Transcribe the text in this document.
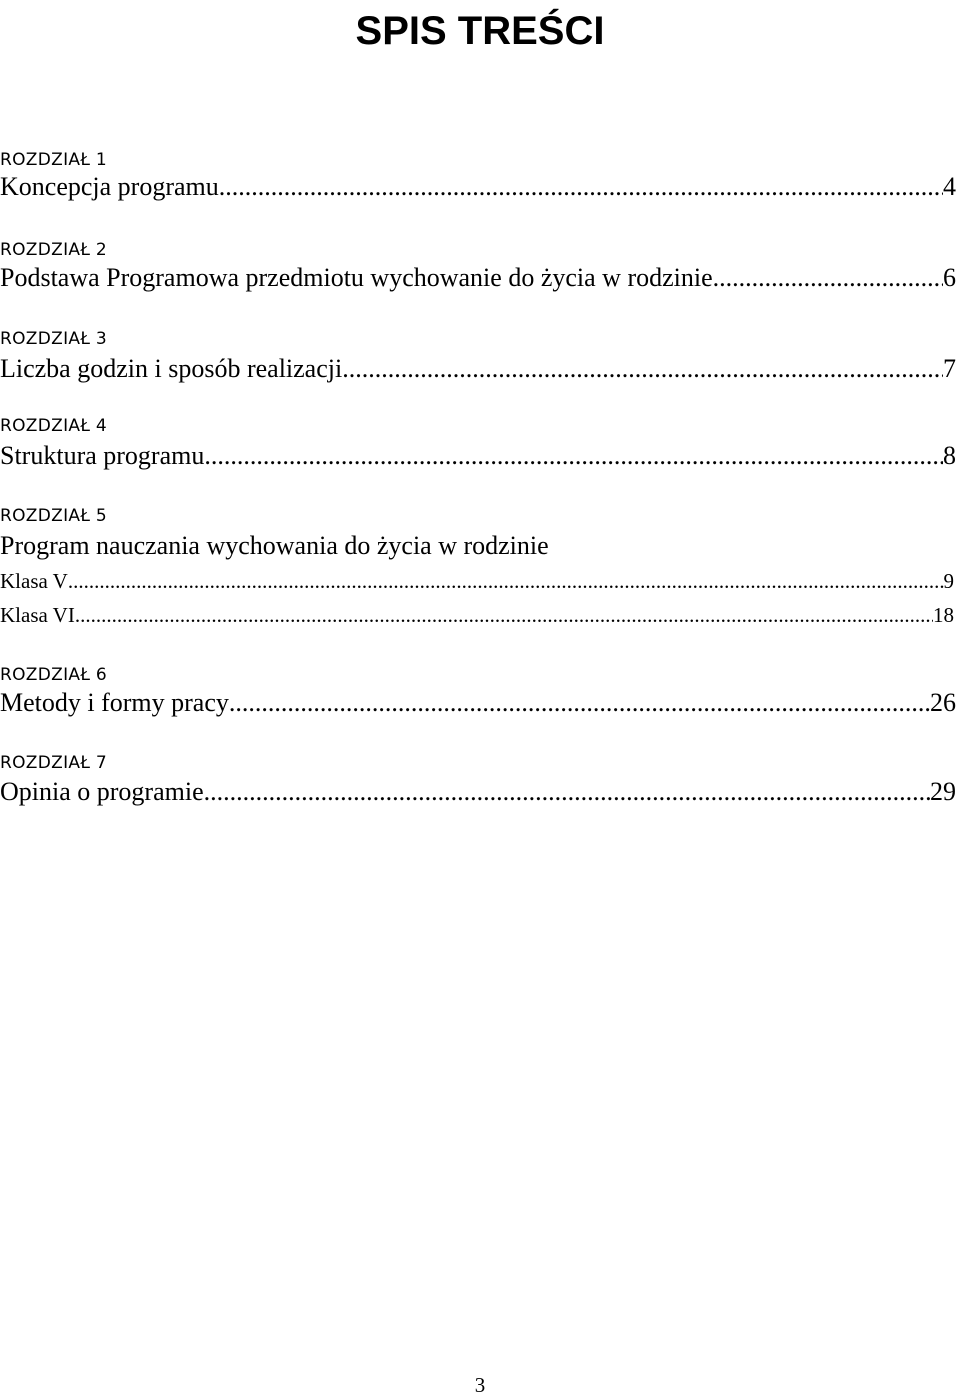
SPIS TREŚCI
ROZDZIAŁ 1
Koncepcja programu .....	4
ROZDZIAŁ 2
Podstawa Programowa przedmiotu wychowanie do życia w rodzinie .....	6
ROZDZIAŁ 3
Liczba godzin i sposób realizacji .....	7
ROZDZIAŁ 4
Struktura programu .....	8
ROZDZIAŁ 5
Program nauczania wychowania do życia w rodzinie
Klasa V .....	9
Klasa VI .....	18
ROZDZIAŁ 6
Metody i formy pracy .....	26
ROZDZIAŁ 7
Opinia o programie .....	29
3
